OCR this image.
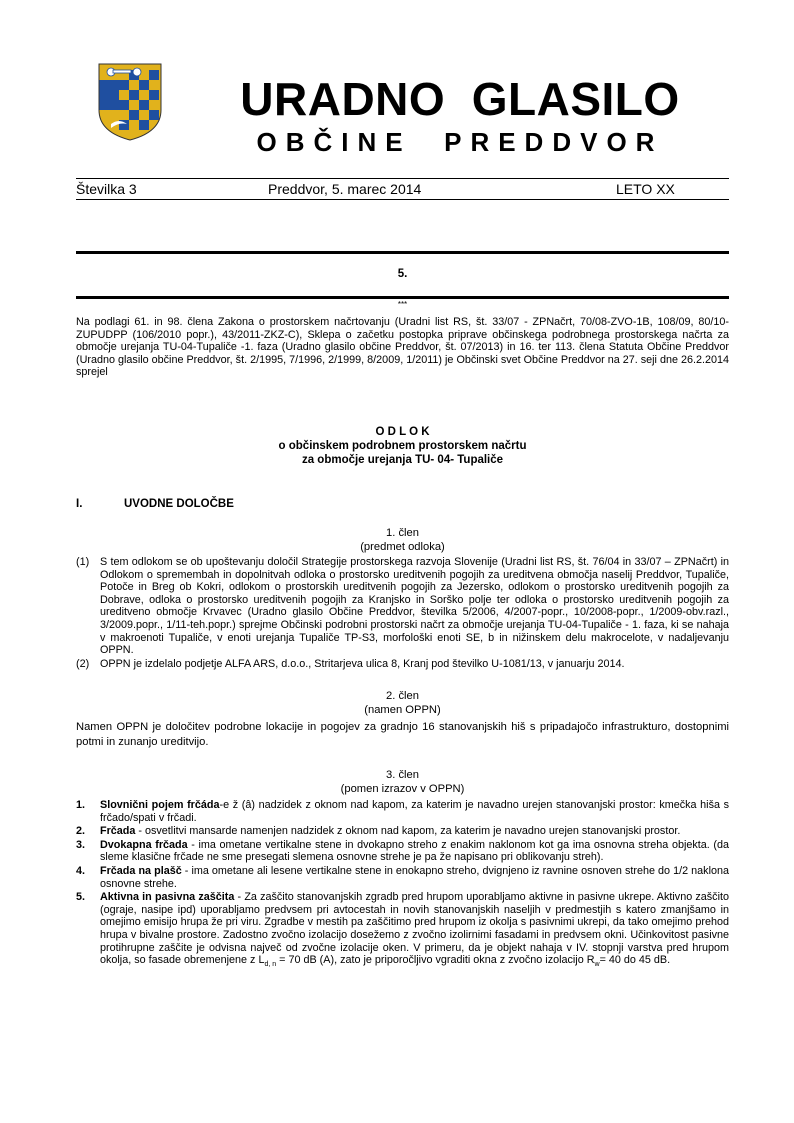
URADNO  GLASILO
OBČINE  PREDDVOR
Številka 3	Preddvor, 5. marec 2014	LETO XX
5.
***
Na podlagi 61. in 98. člena Zakona o prostorskem načrtovanju (Uradni list RS, št. 33/07 - ZPNačrt, 70/08-ZVO-1B, 108/09, 80/10-ZUPUDPP (106/2010 popr.), 43/2011-ZKZ-C), Sklepa o začetku postopka priprave občinskega podrobnega prostorskega načrta za območje urejanja TU-04-Tupaliče -1. faza (Uradno glasilo občine Preddvor, št. 07/2013) in 16. ter 113. člena Statuta Občine Preddvor (Uradno glasilo občine Preddvor, št. 2/1995, 7/1996, 2/1999, 8/2009, 1/2011) je Občinski svet Občine Preddvor na 27. seji dne 26.2.2014 sprejel
O D L O K
o občinskem podrobnem prostorskem načrtu
za območje urejanja TU- 04- Tupaliče
I.	UVODNE DOLOČBE
1. člen
(predmet odloka)
(1) S tem odlokom se ob upoštevanju določil Strategije prostorskega razvoja Slovenije (Uradni list RS, št. 76/04 in 33/07 – ZPNačrt) in Odlokom o spremembah in dopolnitvah odloka o prostorsko ureditvenih pogojih za ureditvena območja naselij Preddvor, Tupaliče, Potoče in Breg ob Kokri, odlokom o prostorskih ureditvenih pogojih za Jezersko, odlokom o prostorsko ureditvenih pogojih za Dobrave, odloka o prostorsko ureditvenih pogojih za Kranjsko in Sorško polje ter odloka o prostorsko ureditvenih pogojih za ureditveno območje Krvavec (Uradno glasilo Občine Preddvor, številka 5/2006, 4/2007-popr., 10/2008-popr., 1/2009-obv.razl., 3/2009.popr., 1/11-teh.popr.) sprejme Občinski podrobni prostorski načrt za območje urejanja TU-04-Tupaliče - 1. faza, ki se nahaja v makroenoti Tupaliče, v enoti urejanja Tupaliče TP-S3, morfološki enoti SE, b in nižinskem delu makrocelote, v nadaljevanju OPPN.
(2) OPPN je izdelalo podjetje ALFA ARS, d.o.o., Stritarjeva ulica 8, Kranj pod številko U-1081/13, v januarju 2014.
2. člen
(namen OPPN)
Namen OPPN je določitev podrobne lokacije in pogojev za gradnjo 16 stanovanjskih hiš s pripadajočo infrastrukturo, dostopnimi potmi in zunanjo ureditvijo.
3. člen
(pomen izrazov v OPPN)
1. Slovnični pojem frčáda-e ž (â) nadzidek z oknom nad kapom, za katerim je navadno urejen stanovanjski prostor: kmečka hiša s frčado/spati v frčadi.
2. Frčada - osvetlitvi mansarde namenjen nadzidek z oknom nad kapom, za katerim je navadno urejen stanovanjski prostor.
3. Dvokapna frčada - ima ometane vertikalne stene in dvokapno streho z enakim naklonom kot ga ima osnovna streha objekta. (da sleme klasične frčade ne sme presegati slemena osnovne strehe je pa že napisano pri oblikovanju streh).
4. Frčada na plašč - ima ometane ali lesene vertikalne stene in enokapno streho, dvignjeno iz ravnine osnoven strehe do 1/2 naklona osnovne strehe.
5. Aktivna in pasivna zaščita - Za zaščito stanovanjskih zgradb pred hrupom uporabljamo aktivne in pasivne ukrepe. Aktivno zaščito (ograje, nasipe ipd) uporabljamo predvsem pri avtocestah in novih stanovanjskih naseljih v predmestjih s katero zmanjšamo in omejimo emisijo hrupa že pri viru. Zgradbe v mestih pa zaščitimo pred hrupom iz okolja s pasivnimi ukrepi, da tako omejimo prehod hrupa v bivalne prostore. Zadostno zvočno izolacijo dosežemo z zvočno izolirnimi fasadami in predvsem okni. Učinkovitost pasivne protihrupne zaščite je odvisna največ od zvočne izolacije oken. V primeru, da je objekt nahaja v IV. stopnji varstva pred hrupom okolja, so fasade obremenjene z $L_{d, n} = 70$ dB (A), zato je priporočljivo vgraditi okna z zvočno izolacijo $R_w= 40$ do 45 dB.
